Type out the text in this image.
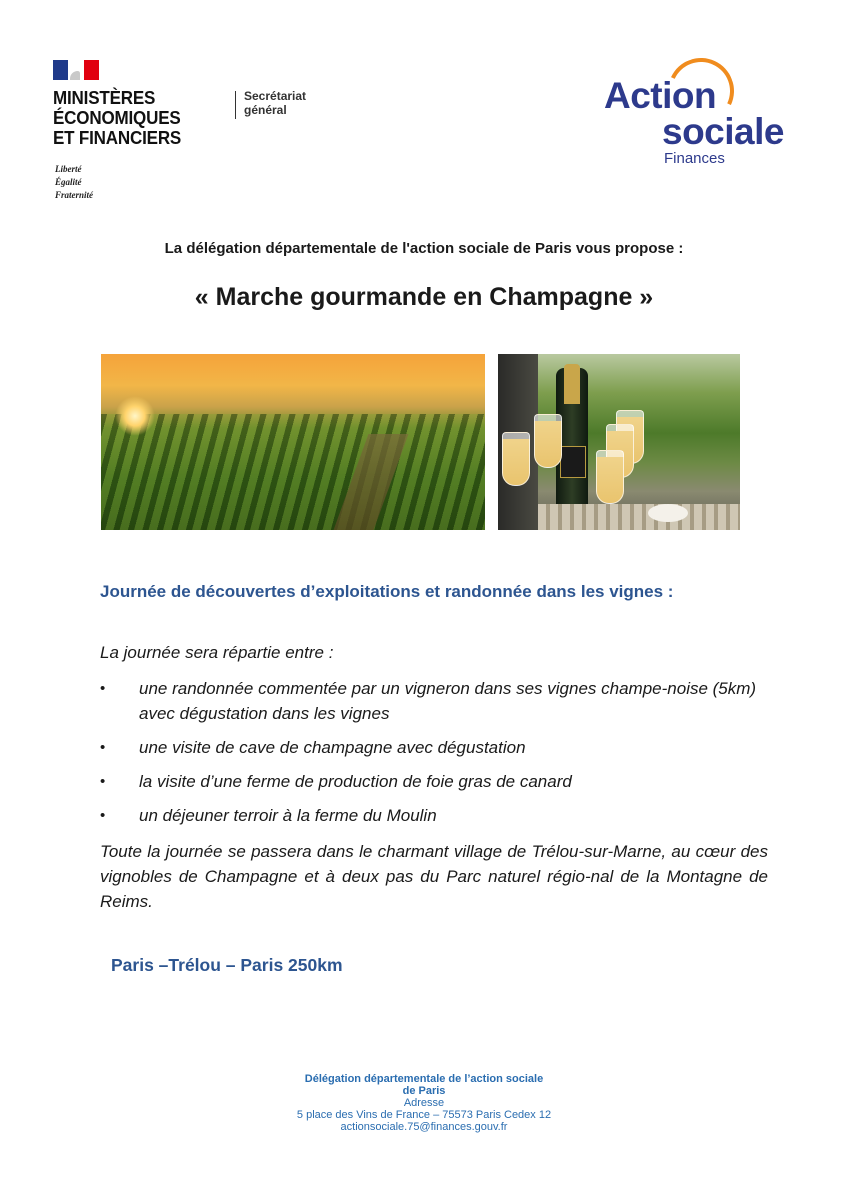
MINISTÈRES
ÉCONOMIQUES
ET FINANCIERS
Liberté
Égalité
Fraternité
Secrétariat
général	Action
sociale
Finances
La délégation départementale de l'action sociale de Paris vous propose :
« Marche gourmande en Champagne »
Journée de découvertes d’exploitations et randonnée dans les vignes :
La journée sera répartie entre :
• une randonnée commentée par un vigneron dans ses vignes champe-noise (5km) avec dégustation dans les vignes
• une visite de cave de champagne avec dégustation
• la visite d’une ferme de production de foie gras de canard
• un déjeuner terroir à la ferme du Moulin
Toute la journée se passera dans le charmant village de Trélou-sur-Marne, au cœur des vignobles de Champagne et à deux pas du Parc naturel régio-nal de la Montagne de Reims.
Paris –Trélou – Paris 250km
Délégation départementale de l’action sociale
de Paris
Adresse
5 place des Vins de France – 75573 Paris Cedex 12
actionsociale.75@finances.gouv.fr
